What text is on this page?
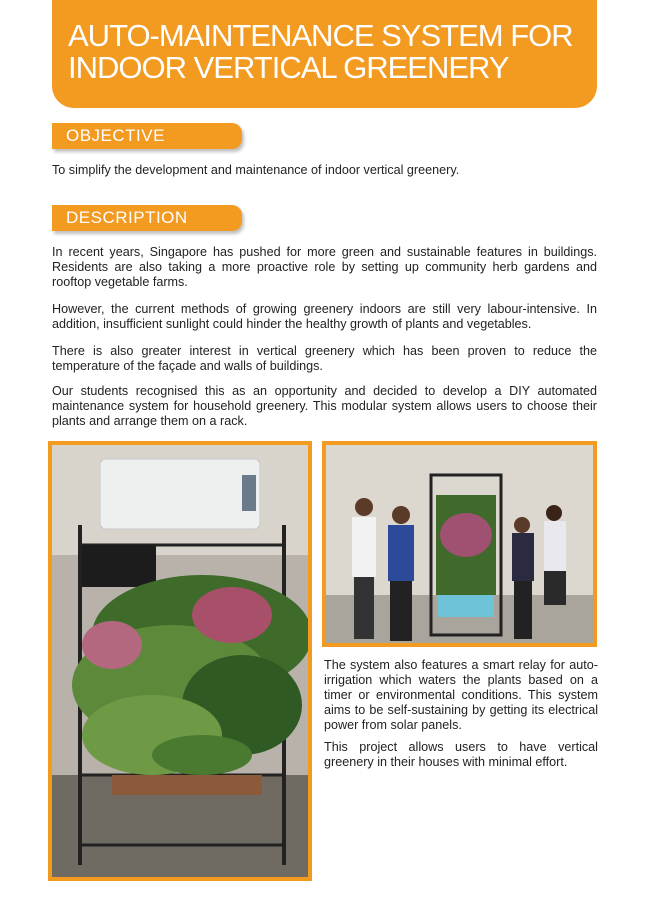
AUTO-MAINTENANCE SYSTEM FOR INDOOR VERTICAL GREENERY
OBJECTIVE

To simplify the development and maintenance of indoor vertical greenery.

DESCRIPTION

In recent years, Singapore has pushed for more green and sustainable features in buildings. Residents are also taking a more proactive role by setting up community herb gardens and rooftop vegetable farms.

However, the current methods of growing greenery indoors are still very labour-intensive. In addition, insufficient sunlight could hinder the healthy growth of plants and vegetables.

There is also greater interest in vertical greenery which has been proven to reduce the temperature of the façade and walls of buildings.

Our students recognised this as an opportunity and decided to develop a DIY automated maintenance system for household greenery. This modular system allows users to choose their plants and arrange them on a rack.

The system also features a smart relay for auto-irrigation which waters the plants based on a timer or environmental conditions. This system aims to be self-sustaining by getting its electrical power from solar panels.

This project allows users to have vertical greenery in their houses with minimal effort.
